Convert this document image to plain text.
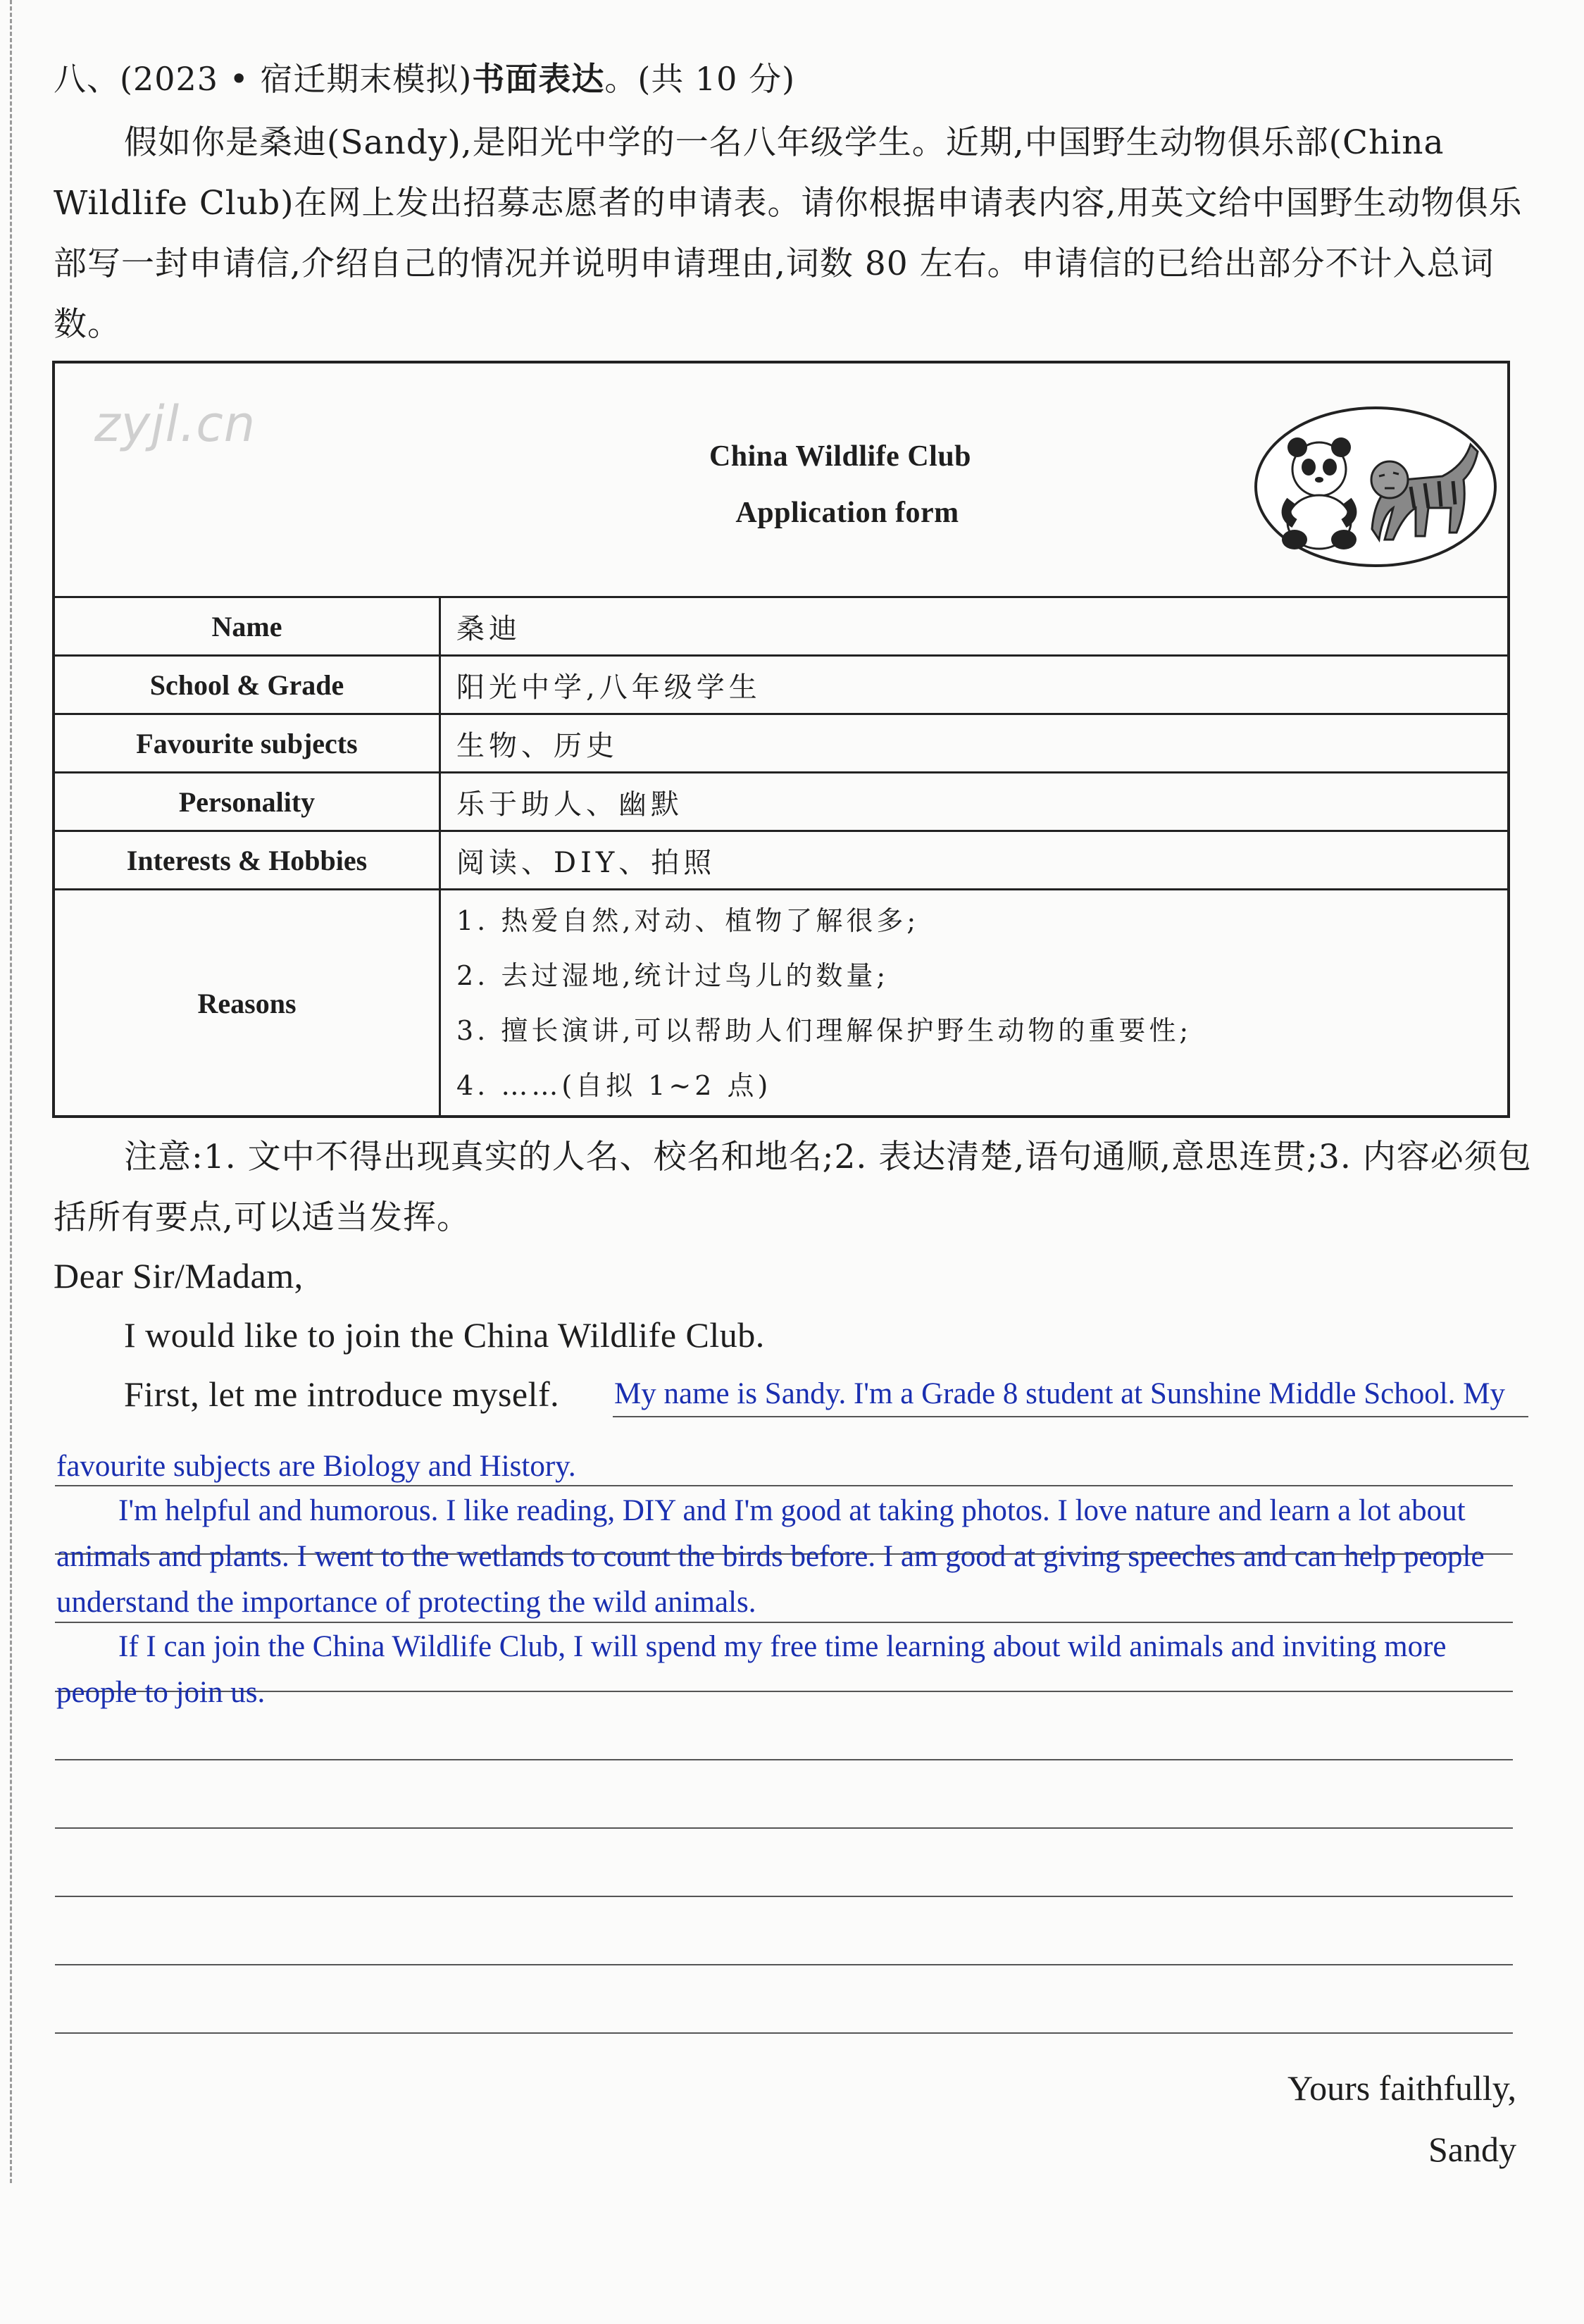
八、(2023 • 宿迁期末模拟)书面表达。(共 10 分)
假如你是桑迪(Sandy),是阳光中学的一名八年级学生。近期,中国野生动物俱乐部(China Wildlife Club)在网上发出招募志愿者的申请表。请你根据申请表内容,用英文给中国野生动物俱乐部写一封申请信,介绍自己的情况并说明申请理由,词数 80 左右。申请信的已给出部分不计入总词数。
zyjl.cn
China Wildlife Club
Application form
Name	桑迪
School & Grade	阳光中学,八年级学生
Favourite subjects	生物、历史
Personality	乐于助人、幽默
Interests & Hobbies	阅读、DIY、拍照
Reasons	1. 热爱自然,对动、植物了解很多;
2. 去过湿地,统计过鸟儿的数量;
3. 擅长演讲,可以帮助人们理解保护野生动物的重要性;
4. ……(自拟 1~2 点)
注意:1. 文中不得出现真实的人名、校名和地名;2. 表达清楚,语句通顺,意思连贯;3. 内容必须包括所有要点,可以适当发挥。
Dear Sir/Madam,
I would like to join the China Wildlife Club.
First, let me introduce myself. My name is Sandy. I'm a Grade 8 student at Sunshine Middle School. My
favourite subjects are Biology and History.
I'm helpful and humorous. I like reading, DIY and I'm good at taking photos. I love nature and learn a lot about
animals and plants. I went to the wetlands to count the birds before. I am good at giving speeches and can help people
understand the importance of protecting the wild animals.
If I can join the China Wildlife Club, I will spend my free time learning about wild animals and inviting more
people to join us.
Yours faithfully,
Sandy
